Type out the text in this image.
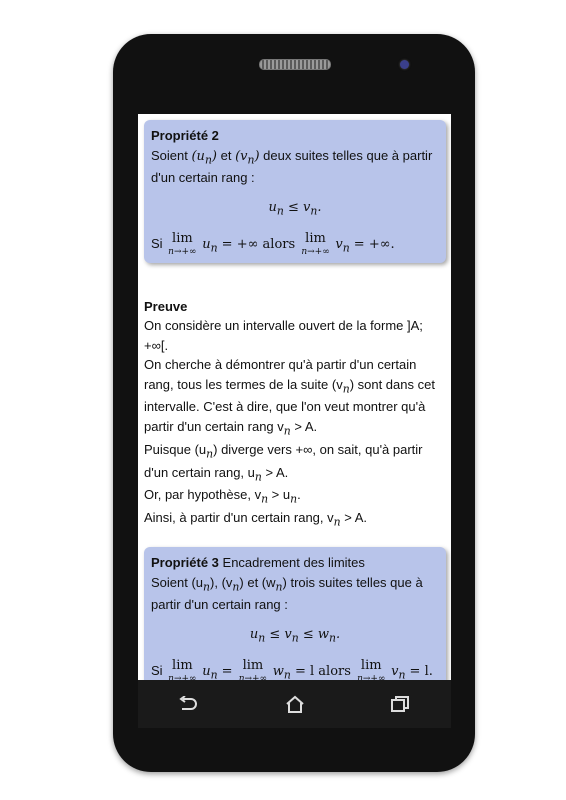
Propriété 2
Soient $(u_n)$ et $(v_n)$ deux suites telles que à partir d'un certain rang :
$u_n \le v_n$.
Si lim
n→+∞
$u_n$ = +∞ alors lim
n→+∞
$v_n$ = +∞.
Preuve
On considère un intervalle ouvert de la forme ]A; +∞[.
On cherche à démontrer qu'à partir d'un certain rang, tous les termes de la suite $(v_n)$ sont dans cet intervalle. C'est à dire, que l'on veut montrer qu'à partir d'un certain rang $v_n > A$.
Puisque $(u_n)$ diverge vers +∞, on sait, qu'à partir d'un certain rang, $u_n > A$.
Or, par hypothèse, $v_n > u_n$.
Ainsi, à partir d'un certain rang, $v_n > A$.
Propriété 3 Encadrement des limites
Soient $(u_n)$, $(v_n)$ et $(w_n)$ trois suites telles que à partir d'un certain rang :
$u_n \le v_n \le w_n$.
Si lim
n→+∞
$u_n = \lim$
n→+∞
$w_n = l$ alors lim
n→+∞
$v_n = l$.
